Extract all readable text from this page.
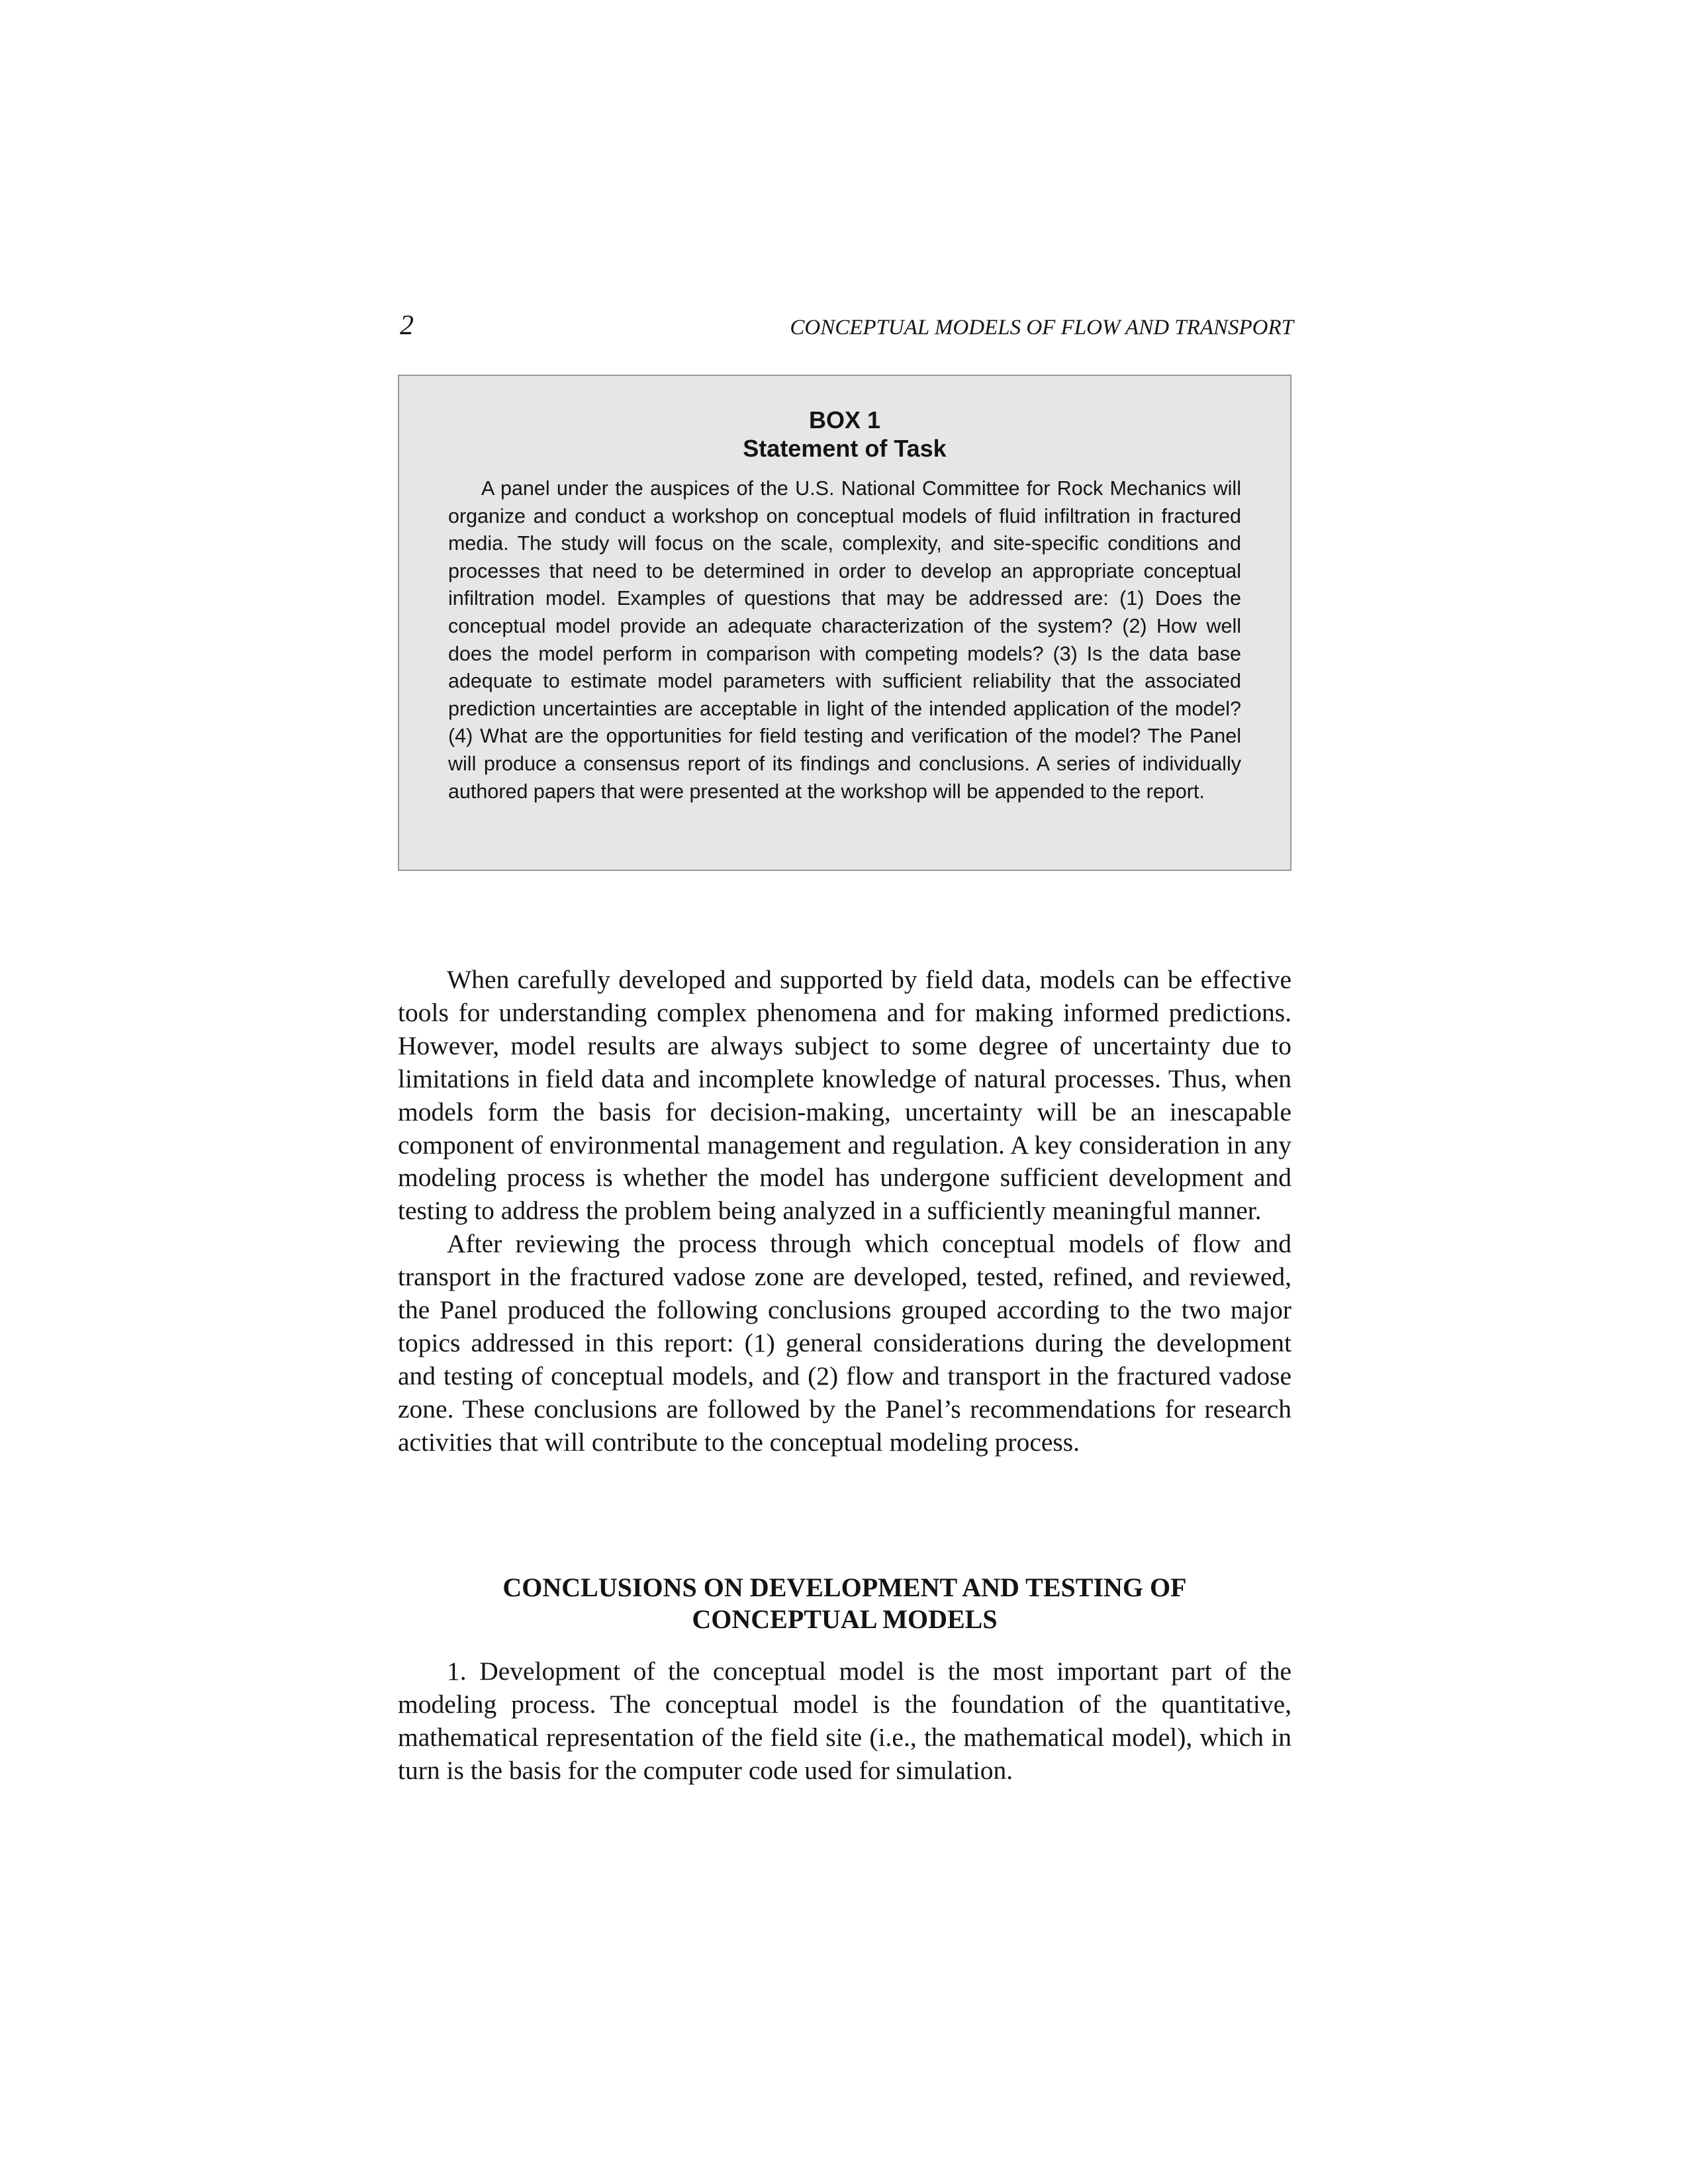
2	CONCEPTUAL MODELS OF FLOW AND TRANSPORT
BOX 1
Statement of Task

A panel under the auspices of the U.S. National Committee for Rock Mechanics will organize and conduct a workshop on conceptual models of fluid infiltration in fractured media. The study will focus on the scale, complexity, and site-specific conditions and processes that need to be determined in order to develop an appropriate conceptual infiltration model. Examples of questions that may be addressed are: (1) Does the conceptual model provide an adequate characterization of the system? (2) How well does the model perform in comparison with competing models? (3) Is the data base adequate to estimate model parameters with sufficient reliability that the associated prediction uncertainties are acceptable in light of the intended application of the model? (4) What are the opportunities for field testing and verification of the model? The Panel will produce a consensus report of its findings and conclusions. A series of individually authored papers that were presented at the workshop will be appended to the report.

When carefully developed and supported by field data, models can be effective tools for understanding complex phenomena and for making informed predictions. However, model results are always subject to some degree of uncertainty due to limitations in field data and incomplete knowledge of natural processes. Thus, when models form the basis for decision-making, uncertainty will be an inescapable component of environmental management and regulation. A key consideration in any modeling process is whether the model has undergone sufficient development and testing to address the problem being analyzed in a sufficiently meaningful manner.

After reviewing the process through which conceptual models of flow and transport in the fractured vadose zone are developed, tested, refined, and reviewed, the Panel produced the following conclusions grouped according to the two major topics addressed in this report: (1) general considerations during the development and testing of conceptual models, and (2) flow and transport in the fractured vadose zone. These conclusions are followed by the Panel’s recommendations for research activities that will contribute to the conceptual modeling process.

CONCLUSIONS ON DEVELOPMENT AND TESTING OF
CONCEPTUAL MODELS

1. Development of the conceptual model is the most important part of the modeling process. The conceptual model is the foundation of the quantitative, mathematical representation of the field site (i.e., the mathematical model), which in turn is the basis for the computer code used for simulation.
